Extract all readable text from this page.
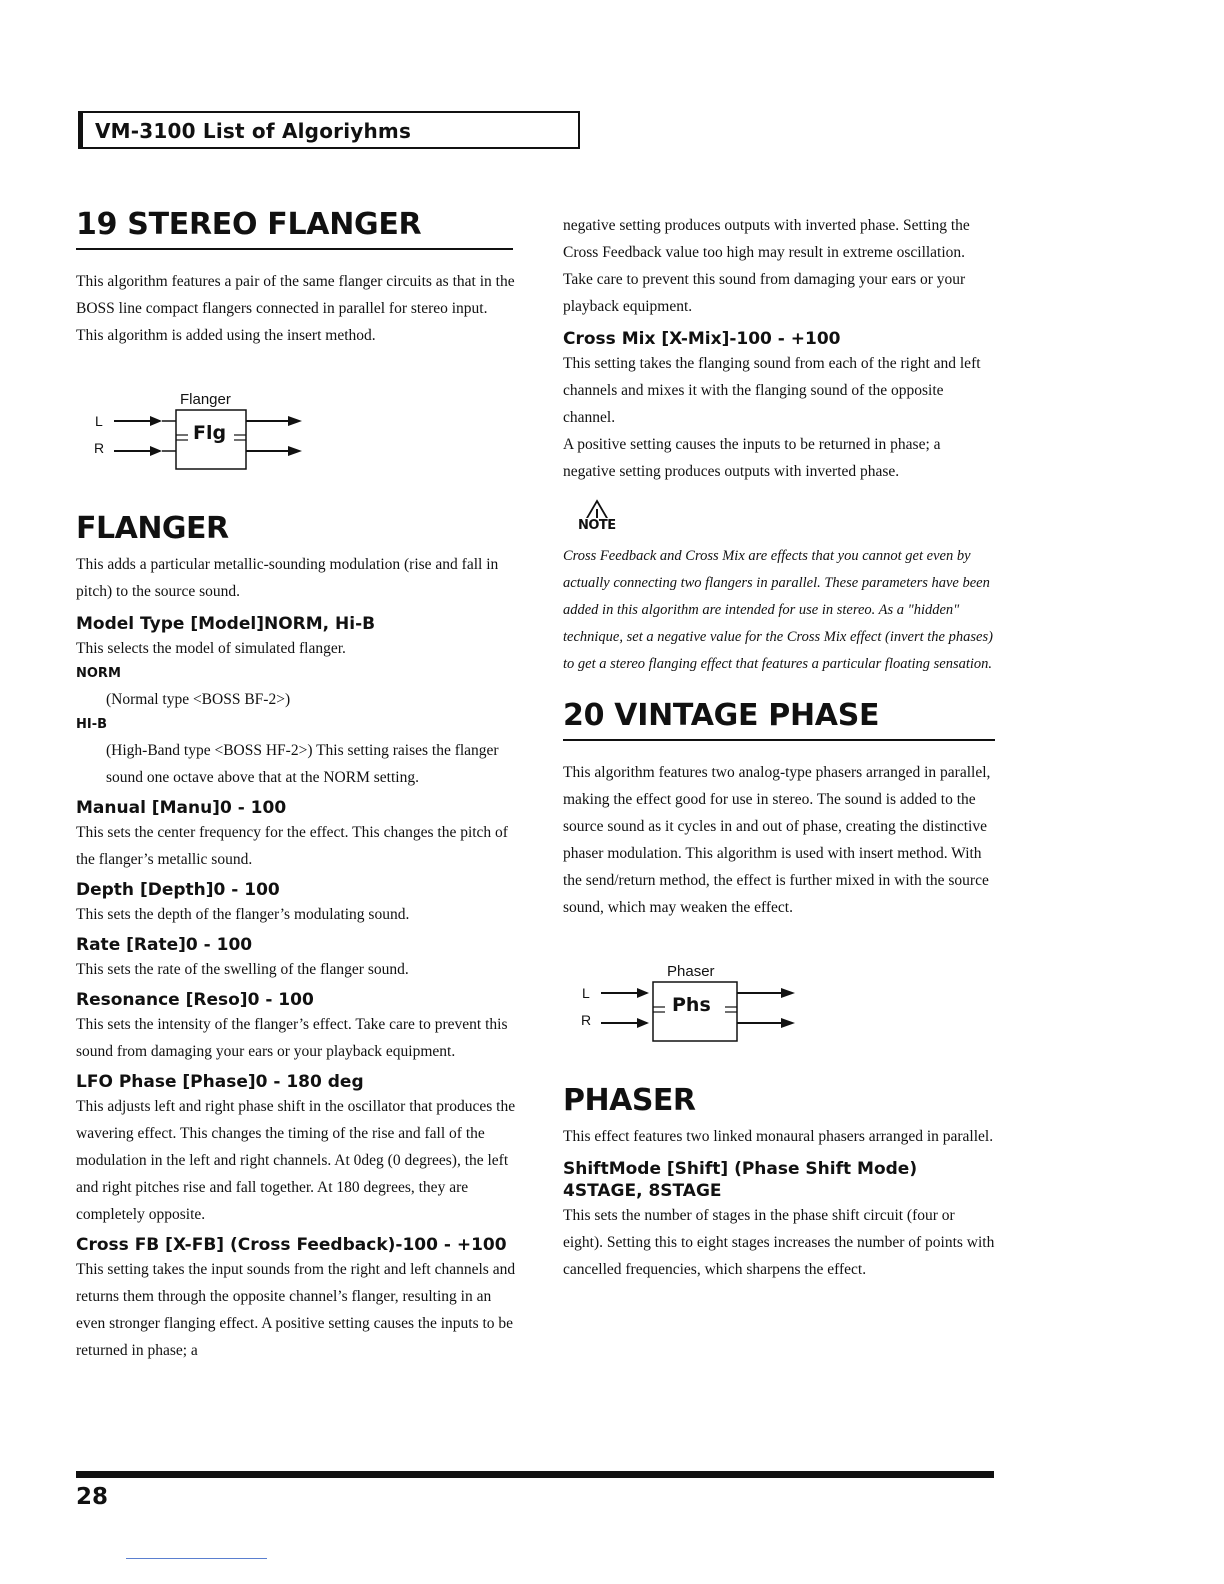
VM-3100 List of Algoriyhms
19 STEREO FLANGER

This algorithm features a pair of the same flanger circuits as that in the BOSS line compact flangers connected in parallel for stereo input. This algorithm is added using the insert method.

Flanger
L
R
Flg
FLANGER

This adds a particular metallic-sounding modulation (rise and fall in pitch) to the source sound.

Model Type [Model]NORM, Hi-B

This selects the model of simulated flanger.

NORM

(Normal type <BOSS BF-2>)

HI-B

(High-Band type <BOSS HF-2>) This setting raises the flanger sound one octave above that at the NORM setting.

Manual [Manu]0 - 100

This sets the center frequency for the effect. This changes the pitch of the flanger’s metallic sound.

Depth [Depth]0 - 100

This sets the depth of the flanger’s modulating sound.

Rate [Rate]0 - 100

This sets the rate of the swelling of the flanger sound.

Resonance [Reso]0 - 100

This sets the intensity of the flanger’s effect. Take care to prevent this sound from damaging your ears or your playback equipment.

LFO Phase [Phase]0 - 180 deg

This adjusts left and right phase shift in the oscillator that produces the wavering effect. This changes the timing of the rise and fall of the modulation in the left and right channels. At 0deg (0 degrees), the left and right pitches rise and fall together. At 180 degrees, they are completely opposite.

Cross FB [X-FB] (Cross Feedback)-100 - +100

This setting takes the input sounds from the right and left channels and returns them through the opposite channel’s flanger, resulting in an even stronger flanging effect. A positive setting causes the inputs to be returned in phase; a

negative setting produces outputs with inverted phase. Setting the Cross Feedback value too high may result in extreme oscillation. Take care to prevent this sound from damaging your ears or your playback equipment.

Cross Mix [X-Mix]-100 - +100

This setting takes the flanging sound from each of the right and left channels and mixes it with the flanging sound of the opposite channel.

A positive setting causes the inputs to be returned in phase; a negative setting produces outputs with inverted phase.

NOTE

Cross Feedback and Cross Mix are effects that you cannot get even by actually connecting two flangers in parallel. These parameters have been added in this algorithm are intended for use in stereo. As a "hidden" technique, set a negative value for the Cross Mix effect (invert the phases) to get a stereo flanging effect that features a particular floating sensation.

20 VINTAGE PHASE

This algorithm features two analog-type phasers arranged in parallel, making the effect good for use in stereo. The sound is added to the source sound as it cycles in and out of phase, creating the distinctive phaser modulation. This algorithm is used with insert method. With the send/return method, the effect is further mixed in with the source sound, which may weaken the effect.

Phaser
L
R
Phs
PHASER

This effect features two linked monaural phasers arranged in parallel.

ShiftMode [Shift] (Phase Shift Mode)
4STAGE, 8STAGE

This sets the number of stages in the phase shift circuit (four or eight). Setting this to eight stages increases the number of points with cancelled frequencies, which sharpens the effect.

28
